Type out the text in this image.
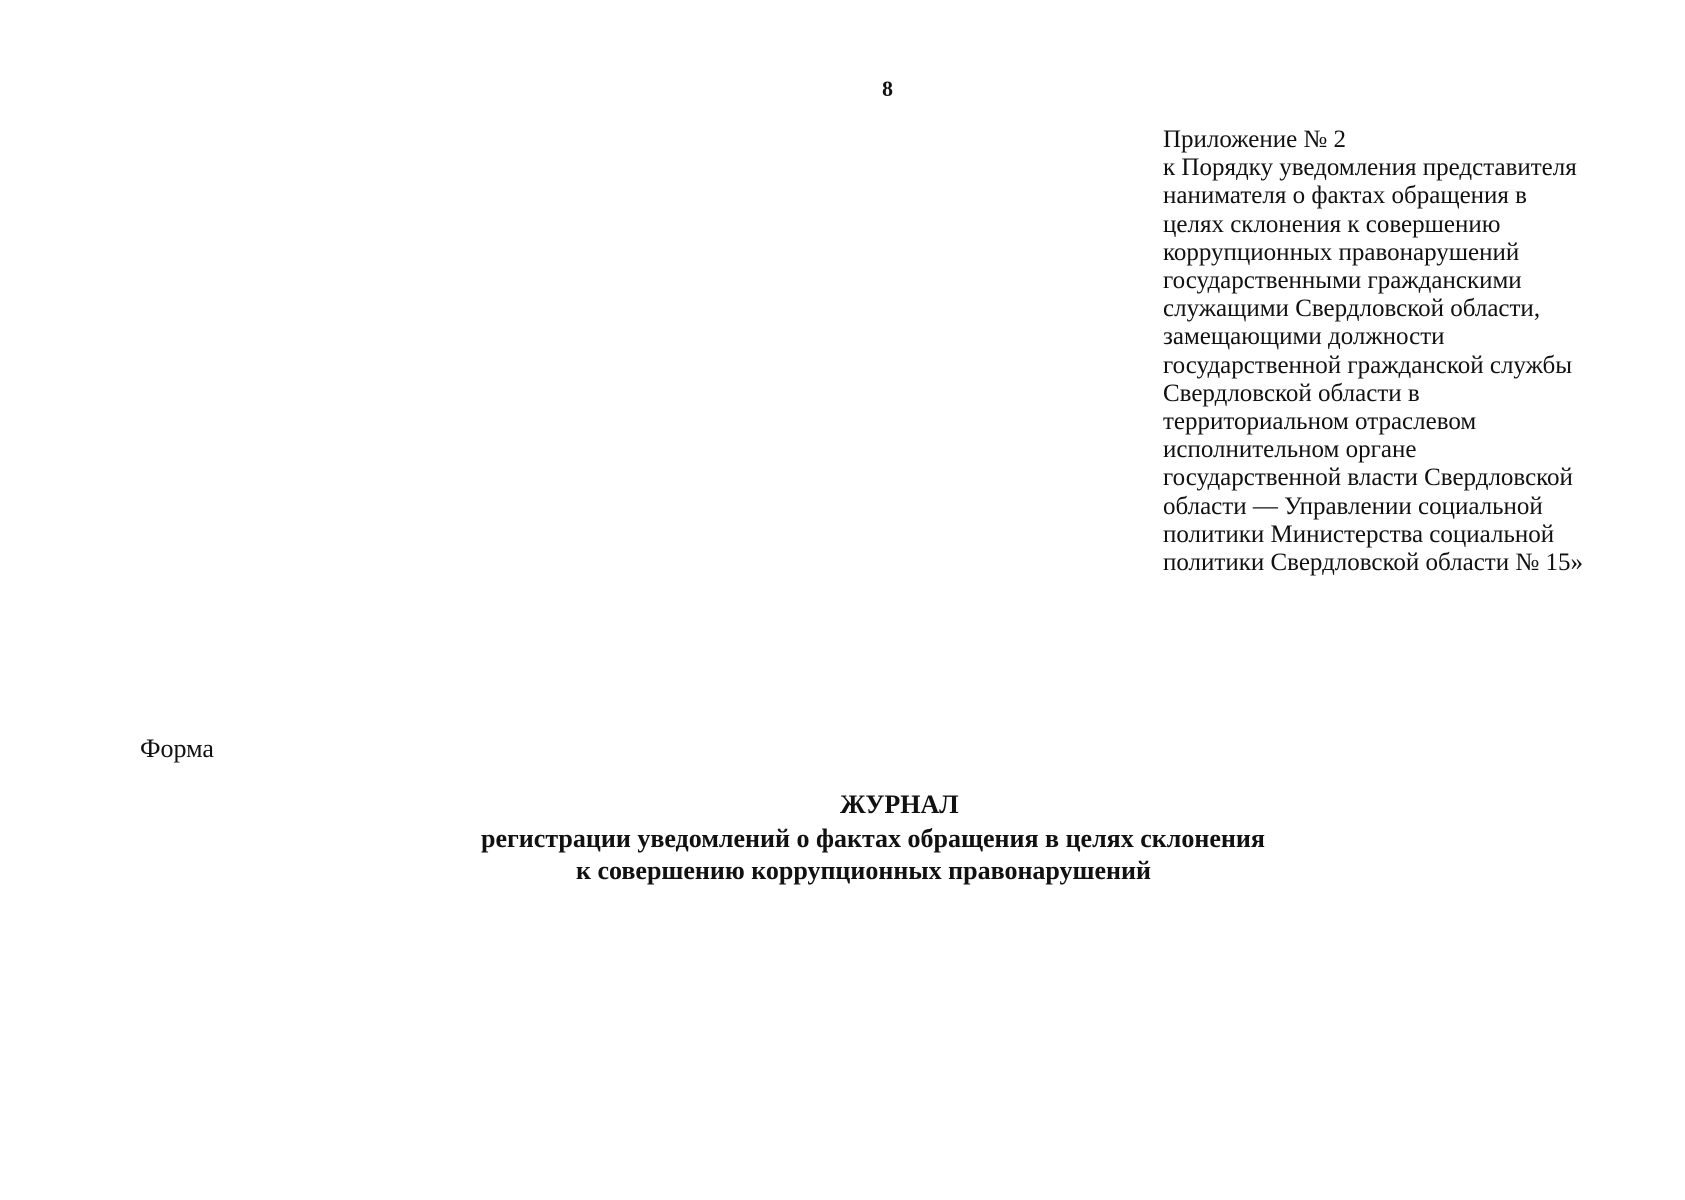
8
Приложение № 2
к Порядку уведомления представителя
нанимателя о фактах обращения в
целях склонения к совершению
коррупционных правонарушений
государственными гражданскими
служащими Свердловской области,
замещающими должности
государственной гражданской службы
Свердловской области в
территориальном отраслевом
исполнительном органе
государственной власти Свердловской
области — Управлении социальной
политики Министерства социальной
политики Свердловской области № 15»
Форма
ЖУРНАЛ
регистрации уведомлений о фактах обращения в целях склонения
к совершению коррупционных правонарушений
